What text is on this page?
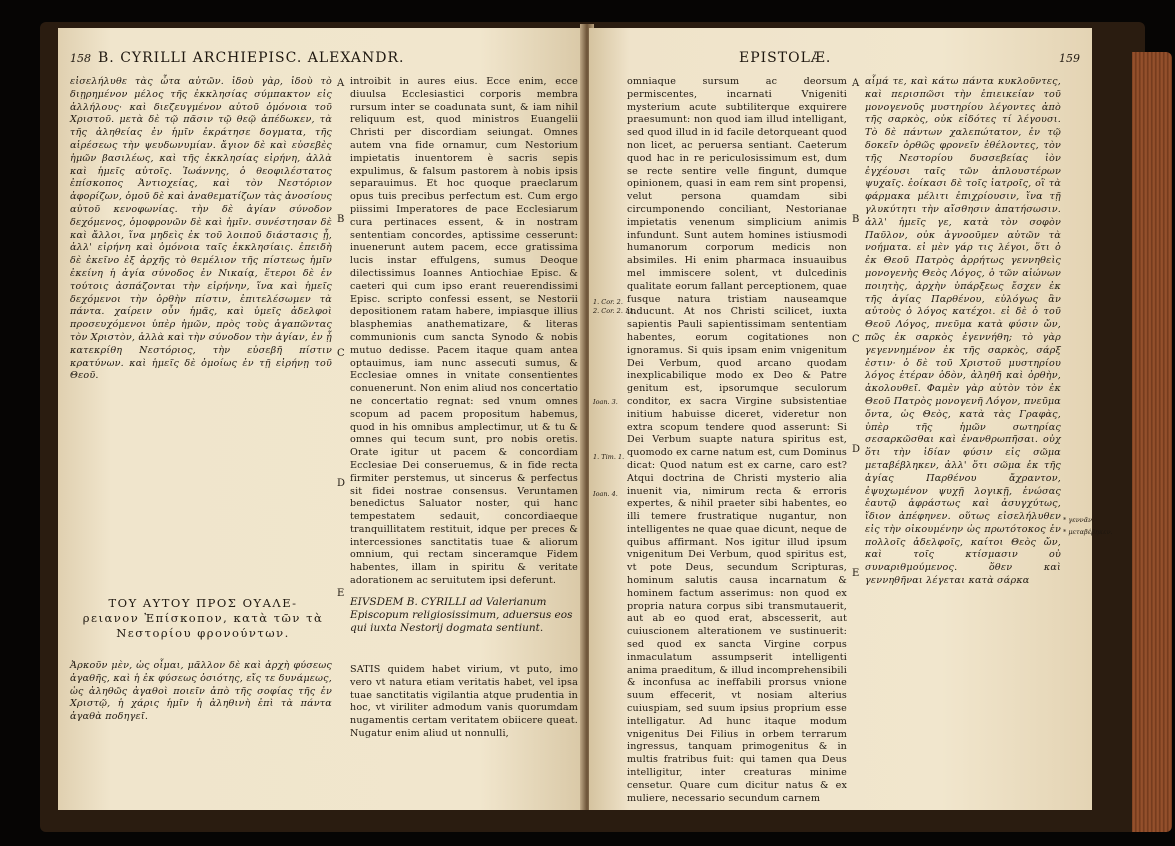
158 B. CYRILLI ARCHIEPISC. ALEXANDR.

εἰσελήλυθε τὰς ὦτα αὐτῶν. ἰδοὺ γὰρ, ἰδοὺ τὸ διῃρημένον μέλος τῆς ἐκκλησίας σύμπακτον εἰς ἀλλήλους· καὶ διεζευγμένον αὐτοῦ ὁμόνοια τοῦ Χριστοῦ. μετὰ δὲ τῷ πᾶσιν τῷ θεῷ ἀπέδωκεν, τὰ τῆς ἀληθείας ἐν ἡμῖν ἐκράτησε δογματα, τῆς αἱρέσεως τὴν ψευδωνυμίαν. ἄγιον δὲ καὶ εὐσεβὲς ἡμῶν βασιλέως, καὶ τῆς ἐκκλησίας εἰρήνη, ἀλλὰ καὶ ἡμεῖς αὐτοῖς. Ἰωάννης, ὁ θεοφιλέστατος ἐπίσκοπος Ἀντιοχείας, καὶ τὸν Νεστόριον ἀφορίζων, ὁμοῦ δὲ καὶ ἀναθεματίζων τὰς ἀνοσίους αὐτοῦ κενοφωνίας. τὴν δὲ ἁγίαν σύνοδον δεχόμενος, ὁμοφρονῶν δὲ καὶ ἡμῖν. συνέστησαν δὲ καὶ ἄλλοι, ἵνα μηδεὶς ἐκ τοῦ λοιποῦ διάστασις ᾖ, ἀλλ' εἰρήνη καὶ ὁμόνοια ταῖς ἐκκλησίαις. ἐπειδὴ δὲ ἐκεῖνο ἐξ ἀρχῆς τὸ θεμέλιον τῆς πίστεως ἡμῖν ἐκείνη ἡ ἁγία σύνοδος ἐν Νικαίᾳ, ἕτεροι δὲ ἐν τούτοις ἀσπάζονται τὴν εἰρήνην, ἵνα καὶ ἡμεῖς δεχόμενοι τὴν ὀρθὴν πίστιν, ἐπιτελέσωμεν τὰ πάντα. χαίρειν οὖν ἡμᾶς, καὶ ὑμεῖς ἀδελφοὶ προσευχόμενοι ὑπὲρ ἡμῶν, πρὸς τοὺς ἀγαπῶντας τὸν Χριστὸν, ἀλλὰ καὶ τὴν σύνοδον τὴν ἁγίαν, ἐν ᾗ κατεκρίθη Νεστόριος, τὴν εὐσεβῆ πίστιν κρατύνων. καὶ ἡμεῖς δὲ ὁμοίως ἐν τῇ εἰρήνῃ τοῦ Θεοῦ.

A
B
C
D
E

introibit in aures eius. Ecce enim, ecce diuulsa Ecclesiastici corporis membra rursum inter se coadunata sunt, & iam nihil reliquum est, quod ministros Euangelii Christi per discordiam seiungat. Omnes autem vna fide ornamur, cum Nestorium impietatis inuentorem è sacris sepis expulimus, & falsum pastorem à nobis ipsis separauimus. Et hoc quoque praeclarum opus tuis precibus perfectum est. Cum ergo piissimi Imperatores de pace Ecclesiarum cura pertinaces essent, & in nostram sententiam concordes, aptissime cesserunt: inuenerunt autem pacem, ecce gratissima lucis instar effulgens, sumus Deoque dilectissimus Ioannes Antiochiae Episc. & caeteri qui cum ipso erant reuerendissimi Episc. scripto confessi essent, se Nestorii depositionem ratam habere, impiasque illius blasphemias anathematizare, & literas communionis cum sancta Synodo & nobis mutuo dedisse. Pacem itaque quam antea optauimus, iam nunc assecuti sumus, & Ecclesiae omnes in vnitate consentientes conuenerunt. Non enim aliud nos concertatio ne concertatio regnat: sed vnum omnes scopum ad pacem propositum habemus, quod in his omnibus amplectimur, ut & tu & omnes qui tecum sunt, pro nobis oretis. Orate igitur ut pacem & concordiam Ecclesiae Dei conseruemus, & in fide recta firmiter perstemus, ut sincerus & perfectus sit fidei nostrae consensus. Veruntamen benedictus Saluator noster, qui hanc tempestatem sedauit, concordiaeque tranquillitatem restituit, idque per preces & intercessiones sanctitatis tuae & aliorum omnium, qui rectam sinceramque Fidem habentes, illam in spiritu & veritate adorationem ac seruitutem ipsi deferunt.

ΤΟΥ ΑΥΤΟΥ ΠΡΟΣ ΟΥΑΛΕ-
ρειανον Ἐπίσκοπον, κατὰ τῶν τὰ Νεστορίου φρονούντων.
EIVSDEM B. CYRILLI ad Valerianum Episcopum religiosissimum, aduersus eos qui iuxta Nestorij dogmata sentiunt.

Ἀρκοῦν μὲν, ὡς οἶμαι, μᾶλλον δὲ καὶ ἀρχὴ φύσεως ἀγαθῆς, καὶ ἡ ἐκ φύσεως ὁσιότης, εἴς τε δυνάμεως, ὡς ἀληθῶς ἀγαθοὶ ποιεῖν ἀπὸ τῆς σοφίας τῆς ἐν Χριστῷ, ἡ χάρις ἡμῖν ἡ ἀληθινὴ ἐπὶ τὰ πάντα ἀγαθὰ ποδηγεῖ.

SATIS quidem habet virium, vt puto, imo vero vt natura etiam veritatis habet, vel ipsa tuae sanctitatis vigilantia atque prudentia in hoc, vt viriliter admodum vanis quorumdam nugamentis certam veritatem obiicere queat. Nugatur enim aliud ut nonnulli,

EPISTOLÆ.	159
1. Cor. 2.
2. Cor. 2. 11.
Ioan. 3.
1. Tim. 1.
Ioan. 4.

omniaque sursum ac deorsum permiscentes, incarnati Vnigeniti mysterium acute subtiliterque exquirere praesumunt: non quod iam illud intelligant, sed quod illud in id facile detorqueant quod non licet, ac peruersa sentiant. Caeterum quod hac in re periculosissimum est, dum se recte sentire velle fingunt, dumque opinionem, quasi in eam rem sint propensi, velut persona quamdam sibi circumponendo conciliant, Nestorianae impietatis venenum simplicium animis infundunt. Sunt autem homines istiusmodi humanorum corporum medicis non absimiles. Hi enim pharmaca insuauibus mel immiscere solent, vt dulcedinis qualitate eorum fallant perceptionem, quae fusque natura tristiam nauseamque inducunt. At nos Christi scilicet, iuxta sapientis Pauli sapientissimam sententiam habentes, eorum cogitationes non ignoramus. Si quis ipsam enim vnigenitum Dei Verbum, quod arcano quodam inexplicabilique modo ex Deo & Patre genitum est, ipsorumque seculorum conditor, ex sacra Virgine subsistentiae initium habuisse diceret, videretur non extra scopum tendere quod asserunt: Si Dei Verbum suapte natura spiritus est, quomodo ex carne natum est, cum Dominus dicat: Quod natum est ex carne, caro est? Atqui doctrina de Christi mysterio alia inuenit via, nimirum recta & erroris expertes, & nihil praeter sibi habentes, eo illi temere frustratique nugantur, non intelligentes ne quae quae dicunt, neque de quibus affirmant. Nos igitur illud ipsum vnigenitum Dei Verbum, quod spiritus est, vt pote Deus, secundum Scripturas, hominum salutis causa incarnatum & hominem factum asserimus: non quod ex propria natura corpus sibi transmutauerit, aut ab eo quod erat, abscesserit, aut cuiuscionem alterationem ve sustinuerit: sed quod ex sancta Virgine corpus inmaculatum assumpserit intelligenti anima praeditum, & illud incomprehensibili & inconfusa ac ineffabili prorsus vnione suum effecerit, vt nosiam alterius cuiuspiam, sed suum ipsius proprium esse intelligatur. Ad hunc itaque modum vnigenitus Dei Filius in orbem terrarum ingressus, tanquam primogenitus & in multis fratribus fuit: qui tamen qua Deus intelligitur, inter creaturas minime censetur. Quare cum dicitur natus & ex muliere, necessario secundum carnem

A
B
C
D
E

αἷμά τε, καὶ κάτω πάντα κυκλοῦντες, καὶ περισπῶσι τὴν ἐπιεικείαν τοῦ μονογενοῦς μυστηρίου λέγοντες ἀπὸ τῆς σαρκὸς, οὐκ εἰδότες τί λέγουσι. Τὸ δὲ πάντων χαλεπώτατον, ἐν τῷ δοκεῖν ὀρθῶς φρονεῖν ἐθέλοντες, τὸν τῆς Νεστορίου δυσσεβείας ἰὸν ἐγχέουσι ταῖς τῶν ἁπλουστέρων ψυχαῖς. ἐοίκασι δὲ τοῖς ἰατροῖς, οἳ τὰ φάρμακα μέλιτι ἐπιχρίουσιν, ἵνα τῇ γλυκύτητι τὴν αἴσθησιν ἀπατήσωσιν. ἀλλ' ἡμεῖς γε, κατὰ τὸν σοφὸν Παῦλον, οὐκ ἀγνοοῦμεν αὐτῶν τὰ νοήματα. εἰ μὲν γάρ τις λέγοι, ὅτι ὁ ἐκ Θεοῦ Πατρὸς ἀρρήτως γεννηθεὶς μονογενὴς Θεὸς Λόγος, ὁ τῶν αἰώνων ποιητὴς, ἀρχὴν ὑπάρξεως ἔσχεν ἐκ τῆς ἁγίας Παρθένου, εὐλόγως ἂν αὐτοὺς ὁ λόγος κατέχοι. εἰ δὲ ὁ τοῦ Θεοῦ Λόγος, πνεῦμα κατὰ φύσιν ὤν, πῶς ἐκ σαρκὸς ἐγεννήθη; τὸ γὰρ γεγεννημένον ἐκ τῆς σαρκὸς, σάρξ ἐστιν· ὁ δὲ τοῦ Χριστοῦ μυστηρίου λόγος ἑτέραν ὁδὸν, ἀληθῆ καὶ ὀρθὴν, ἀκολουθεῖ. Φαμὲν γὰρ αὐτὸν τὸν ἐκ Θεοῦ Πατρὸς μονογενῆ Λόγον, πνεῦμα ὄντα, ὡς Θεὸς, κατὰ τὰς Γραφὰς, ὑπὲρ τῆς ἡμῶν σωτηρίας σεσαρκῶσθαι καὶ ἐνανθρωπῆσαι. οὐχ ὅτι τὴν ἰδίαν φύσιν εἰς σῶμα μεταβέβληκεν, ἀλλ' ὅτι σῶμα ἐκ τῆς ἁγίας Παρθένου ἄχραντον, ἐψυχωμένον ψυχῇ λογικῇ, ἑνώσας ἑαυτῷ ἀφράστως καὶ ἀσυγχύτως, ἴδιον ἀπέφηνεν. οὕτως εἰσελήλυθεν εἰς τὴν οἰκουμένην ὡς πρωτότοκος ἐν πολλοῖς ἀδελφοῖς, καίτοι Θεὸς ὤν, καὶ τοῖς κτίσμασιν οὐ συναριθμούμενος. ὅθεν καὶ γεννηθῆναι λέγεται κατὰ σάρκα

* γεννᾶν.
* μεταβέβηκεν.
